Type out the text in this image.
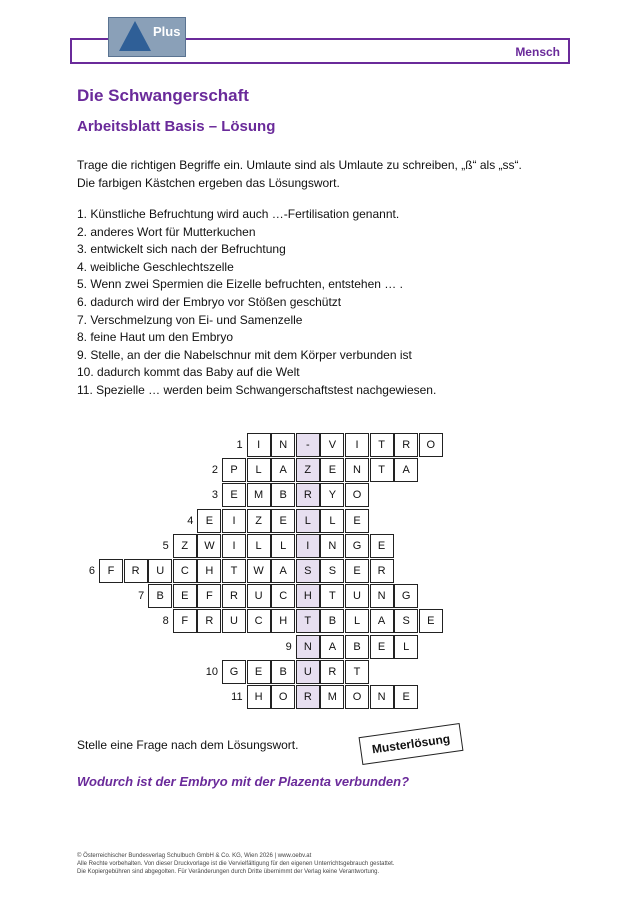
Mensch
Plus
Die Schwangerschaft
Arbeitsblatt Basis – Lösung
Trage die richtigen Begriffe ein. Umlaute sind als Umlaute zu schreiben, „ß“ als „ss“.
Die farbigen Kästchen ergeben das Lösungswort.
1. Künstliche Befruchtung wird auch …-Fertilisation genannt.
2. anderes Wort für Mutterkuchen
3. entwickelt sich nach der Befruchtung
4. weibliche Geschlechtszelle
5. Wenn zwei Spermien die Eizelle befruchten, entstehen … .
6. dadurch wird der Embryo vor Stößen geschützt
7. Verschmelzung von Ei- und Samenzelle
8. feine Haut um den Embryo
9. Stelle, an der die Nabelschnur mit dem Körper verbunden ist
10. dadurch kommt das Baby auf die Welt
11. Spezielle … werden beim Schwangerschaftstest nachgewiesen.
1	I	N	-	V	I	T	R	O
2	P	L	A	Z	E	N	T	A
3	E	M	B	R	Y	O
4	E	I	Z	E	L	L	E
5	Z	W	I	L	L	I	N	G	E
6	F	R	U	C	H	T	W	A	S	S	E	R
7	B	E	F	R	U	C	H	T	U	N	G
8	F	R	U	C	H	T	B	L	A	S	E
9	N	A	B	E	L
10	G	E	B	U	R	T
11	H	O	R	M	O	N	E
Stelle eine Frage nach dem Lösungswort.	Musterlösung
Wodurch ist der Embryo mit der Plazenta verbunden?
© Österreichischer Bundesverlag Schulbuch GmbH & Co. KG, Wien 2026 | www.oebv.at
Alle Rechte vorbehalten. Von dieser Druckvorlage ist die Vervielfältigung für den eigenen Unterrichtsgebrauch gestattet.
Die Kopiergebühren sind abgegolten. Für Veränderungen durch Dritte übernimmt der Verlag keine Verantwortung.
